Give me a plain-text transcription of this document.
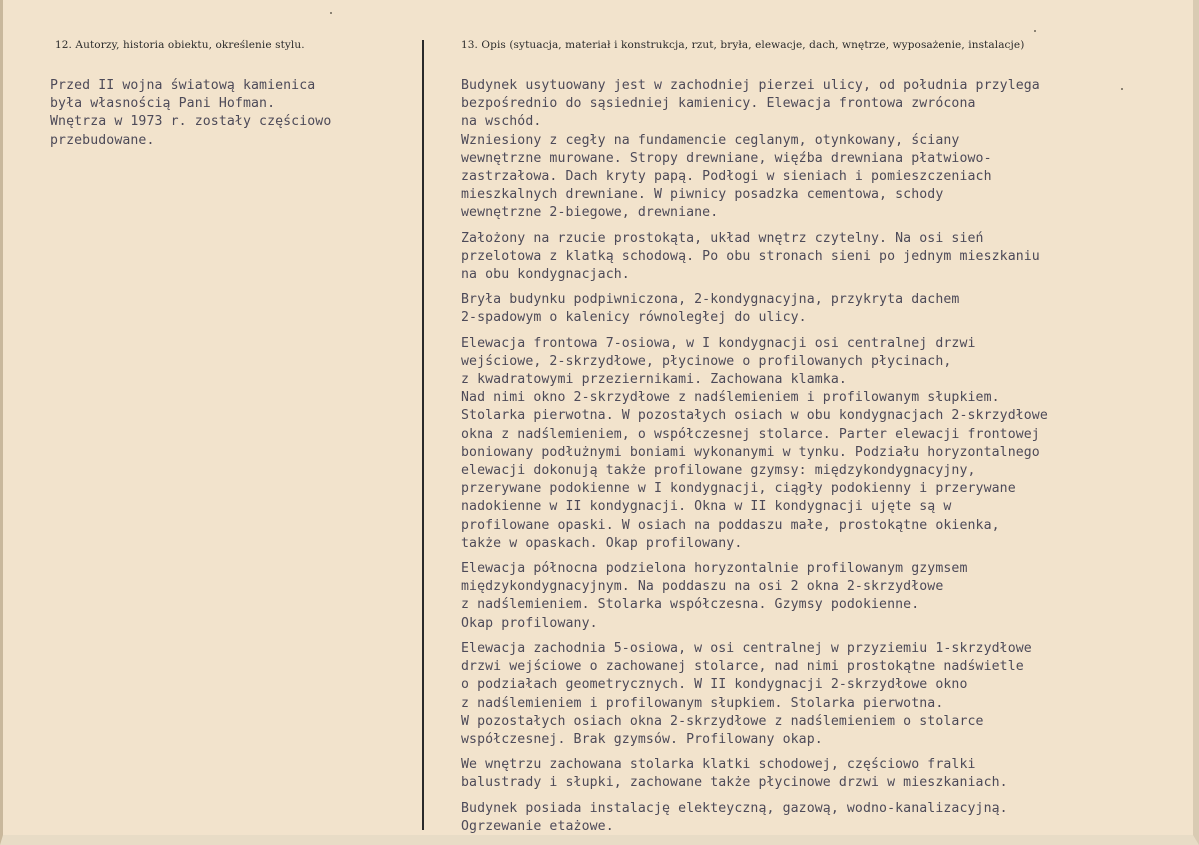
12. Autorzy, historia obiektu, określenie stylu.	13. Opis (sytuacja, materiał i konstrukcja, rzut, bryła, elewacje, dach, wnętrze, wyposażenie, instalacje)
Przed II wojna światową kamienica
była własnością Pani Hofman.
Wnętrza w 1973 r. zostały częściowo
przebudowane.
Budynek usytuowany jest w zachodniej pierzei ulicy, od południa przylega
bezpośrednio do sąsiedniej kamienicy. Elewacja frontowa zwrócona
na wschód.
Wzniesiony z cegły na fundamencie ceglanym, otynkowany, ściany
wewnętrzne murowane. Stropy drewniane, więźba drewniana płatwiowo-
zastrzałowa. Dach kryty papą. Podłogi w sieniach i pomieszczeniach
mieszkalnych drewniane. W piwnicy posadzka cementowa, schody
wewnętrzne 2-biegowe, drewniane.
Założony na rzucie prostokąta, układ wnętrz czytelny. Na osi sień
przelotowa z klatką schodową. Po obu stronach sieni po jednym mieszkaniu
na obu kondygnacjach.
Bryła budynku podpiwniczona, 2-kondygnacyjna, przykryta dachem
2-spadowym o kalenicy równoległej do ulicy.
Elewacja frontowa 7-osiowa, w I kondygnacji osi centralnej drzwi
wejściowe, 2-skrzydłowe, płycinowe o profilowanych płycinach,
z kwadratowymi przeziernikami. Zachowana klamka.
Nad nimi okno 2-skrzydłowe z nadślemieniem i profilowanym słupkiem.
Stolarka pierwotna. W pozostałych osiach w obu kondygnacjach 2-skrzydłowe
okna z nadślemieniem, o współczesnej stolarce. Parter elewacji frontowej
boniowany podłużnymi boniami wykonanymi w tynku. Podziału horyzontalnego
elewacji dokonują także profilowane gzymsy: międzykondygnacyjny,
przerywane podokienne w I kondygnacji, ciągły podokienny i przerywane
nadokienne w II kondygnacji. Okna w II kondygnacji ujęte są w
profilowane opaski. W osiach na poddaszu małe, prostokątne okienka,
także w opaskach. Okap profilowany.
Elewacja północna podzielona horyzontalnie profilowanym gzymsem
międzykondygnacyjnym. Na poddaszu na osi 2 okna 2-skrzydłowe
z nadślemieniem. Stolarka współczesna. Gzymsy podokienne.
Okap profilowany.
Elewacja zachodnia 5-osiowa, w osi centralnej w przyziemiu 1-skrzydłowe
drzwi wejściowe o zachowanej stolarce, nad nimi prostokątne nadświetle
o podziałach geometrycznych. W II kondygnacji 2-skrzydłowe okno
z nadślemieniem i profilowanym słupkiem. Stolarka pierwotna.
W pozostałych osiach okna 2-skrzydłowe z nadślemieniem o stolarce
współczesnej. Brak gzymsów. Profilowany okap.
We wnętrzu zachowana stolarka klatki schodowej, częściowo fralki
balustrady i słupki, zachowane także płycinowe drzwi w mieszkaniach.
Budynek posiada instalację elekteyczną, gazową, wodno-kanalizacyjną.
Ogrzewanie etażowe.
